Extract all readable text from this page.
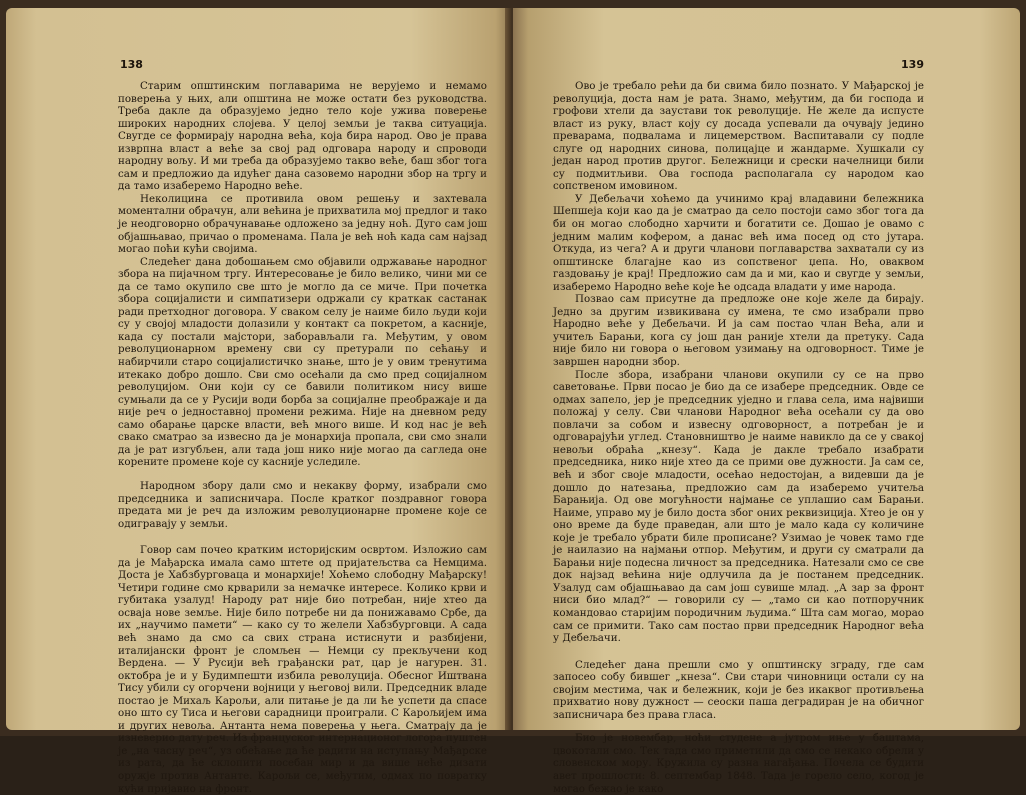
138

Старим општинским поглаварима не верујемо и немамо поверења у њих, али општина не може остати без руководства. Треба дакле да образујемо једно тело које ужива поверење широких народних слојева. У целој земљи је таква ситуација. Свугде се формирају народна већа, која бира народ. Ово је права изврпна власт а веће за свој рад одговара народу и спроводи народну вољу. И ми треба да образујемо такво веће, баш због тога сам и предложио да идућег дана сазовемо народни збор на тргу и да тамо изаберемо Народно веће.

Неколицина се противила овом решењу и захтевала моментални обрачун, али већина је прихватила мој предлог и тако је неодговорно обрачунавање одложено за једну ноћ. Дуго сам још објашњавао, причао о променама. Пала је већ ноћ када сам најзад могао поћи кући својима.

Следећег дана добошањем смо објавили одржавање народног збора на пијачном тргу. Интересовање је било велико, чини ми се да се тамо окупило све што је могло да се миче. При почетка збора социјалисти и симпатизери одржали су краткак састанак ради претходног договора. У сваком селу је наиме било људи који су у својој младости долазили у контакт са покретом, а касније, када су постали мајстори, заборављали га. Међутим, у овом револуционарном времену сви су претурали по сећању и набирчили старо социјалистичко знање, што је у овим тренутима итекако добро дошло. Сви смо осећали да смо пред социјалном револуцијом. Они који су се бавили политиком нису више сумњали да се у Русији води борба за социјалне преображаје и да није реч о једноставној промени режима. Није на дневном реду само обарање царске власти, већ много више. И код нас је већ свако сматрао за извесно да је монархија пропала, сви смо знали да је рат изгубљен, али тада још нико није могао да сагледа оне корените промене које су касније уследиле.

Народном збору дали смо и некакву форму, изабрали смо председника и записничара. После кратког поздравног говора предата ми је реч да изложим револуционарне промене које се одигравају у земљи.

Говор сам почео кратким историјским освртом. Изложио сам да је Мађарска имала само штете од пријатељства са Немцима. Доста је Хабзбурговаца и монархије! Хоћемо слободну Мађарску! Четири године смо крварили за немачке интересе. Колико крви и губитака узалуд! Народу рат није био потребан, није хтео да осваја нове земље. Није било потребе ни да понижавамо Србе, да их „научимо памети“ — како су то желели Хабзбурговци. А сада већ знамо да смо са свих страна истиснути и разбијени, италијански фронт је сломљен — Немци су прекључени код Вердена. — У Русији већ грађански рат, цар је нагурен. 31. октобра је и у Будимпешти избила револуција. Обеснoг Иштвана Тису убили су огорчени војници у његовој вили. Председник владе постао је Михаљ Карољи, али питање је да ли ће успети да спасе оно што су Тиса и његови сарадници проиграли. С Карољијем има и других невоља. Антанта нема поверења у њега. Сматрају да је изневерио дату реч. Из француског интернационог логора пуштен је „на часну реч“, уз обећање да ће радити на иступању Мађарске из рата, да ће склопити посебан мир и да више неће дизати оружје против Антанте. Карољи се, међутим, одмах по повратку кући пријавио на фронт.

139

Ово је требало рећи да би свима било познато. У Мађарској је револуција, доста нам је рата. Знамо, међутим, да би господа и грофови хтели да заустави ток револуције. Не желе да испусте власт из руку, власт коју су досада успевали да очувају једино преварама, подвалама и лицемерством. Васпитавали су подле слуге од народних синова, полицајце и жандарме. Хушкали су један народ против другог. Бележници и среcки начелници били су подмитљиви. Ова господа располагала су народом као сопственом имовином.

У Дебељачи хоћемо да учинимо крај владавини бележника Шепшеја који као да је сматрао да село постоји само због тога да би он могао слободно харчити и богатити се. Дошао је овамо с једним малим кофером, а данас већ има посед од сто јутара. Откуда, из чега? А и други чланови поглаварства захватали су из општинске благајне као из сопственог џепа. Но, оваквом газдовању је крај! Предложио сам да и ми, као и свугде у земљи, изаберемо Народно веће које ће одсада владати у име народа.

Позвао сам присутне да предложе оне које желе да бирају. Једно за другим извикивана су имена, те смо изабрали прво Народно веће у Дебељачи. И ја сам постао члан Већа, али и учитељ Барањи, кога су још дан раније хтели да претуку. Сада није било ни говора о његовом узимању на одговорност. Тиме је завршен народни збор.

После збора, изабрани чланови окупили су се на прво саветовање. Први посао је био да се изабере председник. Овде се одмах запело, јер је председник уједно и глава села, има највиши положај у селу. Сви чланови Народног већа осећали су да ово повлачи за собом и извесну одговорност, а потребан је и одговарајући углед. Становништво је наиме навикло да се у свакој невољи обраћа „кнезу“. Када је дакле требало изабрати председника, нико није хтео да се прими ове дужности. Ја сам се, већ и због своје младости, осећао недостојан, а видевши да је дошло до натезања, предложио сам да изаберемо учитеља Барањија. Од ове могућности најмање се уплашио сам Барањи. Наиме, управо му је било доста због оних реквизиција. Хтео је он у оно време да буде праведан, али што је мало када су количине које је требало убрати биле прописане? Узимао је човек тамо где је наилазио на најмањи отпор. Међутим, и други су сматрали да Барањи није подесна личност за председника. Натезали смо се све док најзад већина није одлучила да је постанем председник. Узалуд сам објашњавао да сам још сувише млад. „А зар за фронт ниси био млад?“ — говорили су — „тамо си као потпоручник командовао старијим породичним људима.“ Шта сам могао, морао сам се примити. Тако сам постао први председник Народног већа у Дебељачи.

Следећег дана прешли смо у општинску зграду, где сам запосео собу бившег „кнеза“. Сви стари чиновници остали су на својим местима, чак и бележник, који је без икаквог противљења прихватио нову дужност — сеоски паша деградиран је на обичног записничара без права гласа.

Био је новембар, ноћи студене а јутром иње у баштама, цвокотали смо. Тек тада смо приметили да смо се некако обрели у словенском мору. Кружила су разна нагађања. Почела се будити авет прошлости: 8. септембар 1848. Тада је горело село, когод је могао бежао је како
